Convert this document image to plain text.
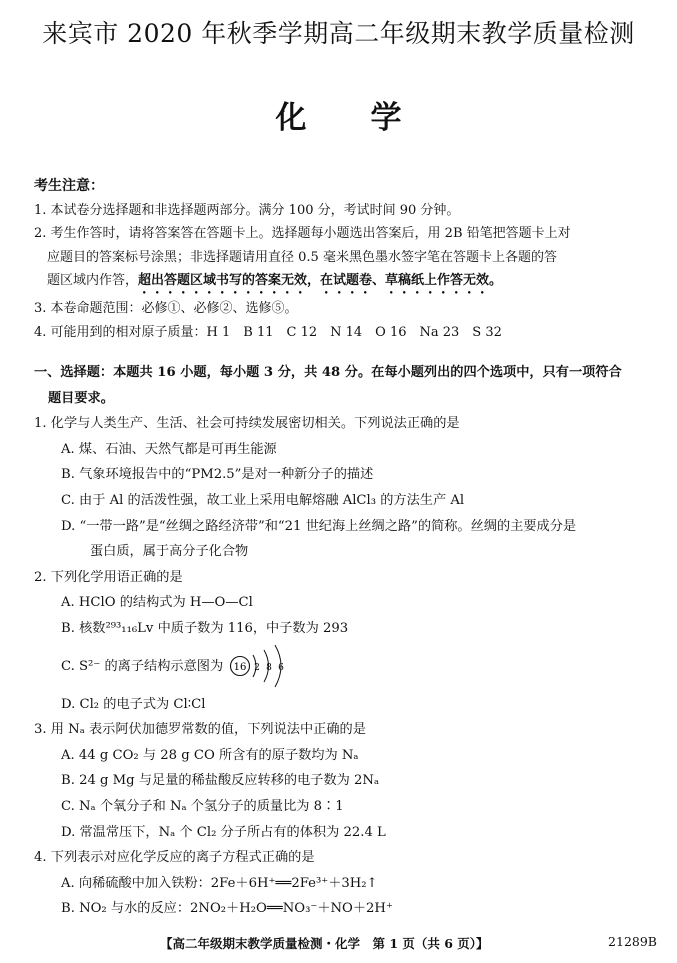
来宾市 2020 年秋季学期高二年级期末教学质量检测
化 学
考生注意：
1. 本试卷分选择题和非选择题两部分。满分 100 分，考试时间 90 分钟。
2. 考生作答时，请将答案答在答题卡上。选择题每小题选出答案后，用 2B 铅笔把答题卡上对
应题目的答案标号涂黑；非选择题请用直径 0.5 毫米黑色墨水签字笔在答题卡上各题的答
题区域内作答，超出答题区域书写的答案无效，在试题卷、草稿纸上作答无效。
3. 本卷命题范围：必修①、必修②、选修⑤。
4. 可能用到的相对原子质量：H 1　B 11　C 12　N 14　O 16　Na 23　S 32
一、选择题：本题共 16 小题，每小题 3 分，共 48 分。在每小题列出的四个选项中，只有一项符合
题目要求。
1. 化学与人类生产、生活、社会可持续发展密切相关。下列说法正确的是
A. 煤、石油、天然气都是可再生能源
B. 气象环境报告中的“PM2.5”是对一种新分子的描述
C. 由于 Al 的活泼性强，故工业上采用电解熔融 AlCl₃ 的方法生产 Al
D. “一带一路”是“丝绸之路经济带”和“21 世纪海上丝绸之路”的简称。丝绸的主要成分是
蛋白质，属于高分子化合物
2. 下列化学用语正确的是
A. HClO 的结构式为 H—O—Cl
B. 核数²⁹³₁₁₆Lv 中质子数为 116，中子数为 293
C. S²⁻ 的离子结构示意图为 16 2 8 6
D. Cl₂ 的电子式为 Cl∶Cl
3. 用 Nₐ 表示阿伏加德罗常数的值，下列说法中正确的是
A. 44 g CO₂ 与 28 g CO 所含有的原子数均为 Nₐ
B. 24 g Mg 与足量的稀盐酸反应转移的电子数为 2Nₐ
C. Nₐ 个氧分子和 Nₐ 个氢分子的质量比为 8∶1
D. 常温常压下，Nₐ 个 Cl₂ 分子所占有的体积为 22.4 L
4. 下列表示对应化学反应的离子方程式正确的是
A. 向稀硫酸中加入铁粉：2Fe＋6H⁺══2Fe³⁺＋3H₂↑
B. NO₂ 与水的反应：2NO₂＋H₂O══NO₃⁻＋NO＋2H⁺
【高二年级期末教学质量检测・化学　第 1 页（共 6 页）】	21289B
